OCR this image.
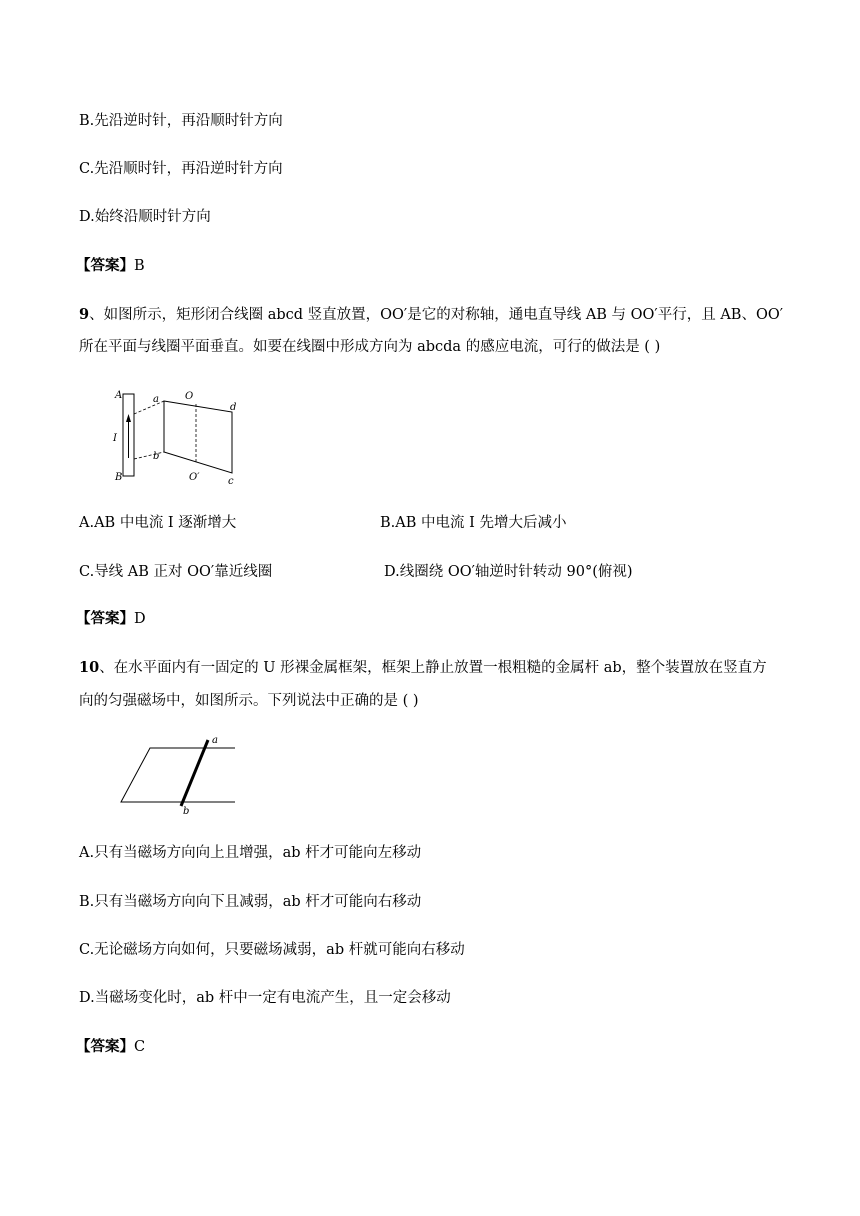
B.先沿逆时针，再沿顺时针方向
C.先沿顺时针，再沿逆时针方向
D.始终沿顺时针方向
【答案】B
9、如图所示，矩形闭合线圈 abcd 竖直放置，OO′是它的对称轴，通电直导线 AB 与 OO′平行，且 AB、OO′
所在平面与线圈平面垂直。如要在线圈中形成方向为 abcda 的感应电流，可行的做法是 ( )
A
B
I
a
b
c
d
O
O′
A.AB 中电流 I 逐渐增大	B.AB 中电流 I 先增大后减小
C.导线 AB 正对 OO′靠近线圈	D.线圈绕 OO′轴逆时针转动 90°(俯视)
【答案】D
10、在水平面内有一固定的 U 形裸金属框架，框架上静止放置一根粗糙的金属杆 ab，整个装置放在竖直方
向的匀强磁场中，如图所示。下列说法中正确的是 ( )
a
b
A.只有当磁场方向向上且增强，ab 杆才可能向左移动
B.只有当磁场方向向下且减弱，ab 杆才可能向右移动
C.无论磁场方向如何，只要磁场减弱，ab 杆就可能向右移动
D.当磁场变化时，ab 杆中一定有电流产生，且一定会移动
【答案】C
